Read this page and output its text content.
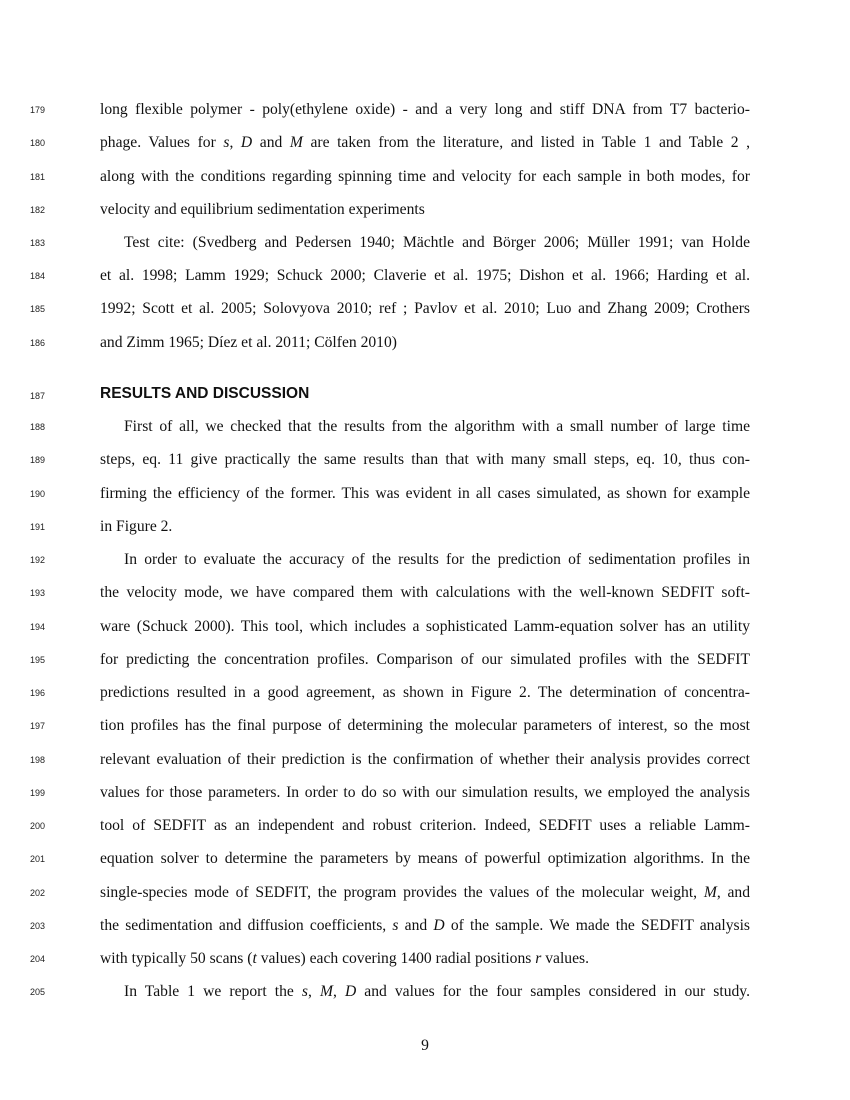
179
180
181
182
183
184
185
186
187
188
189
190
191
192
193
194
195
196
197
198
199
200
201
202
203
204
205
long flexible polymer - poly(ethylene oxide) - and a very long and stiff DNA from T7 bacterio-
phage. Values for s, D and M are taken from the literature, and listed in Table 1 and Table 2 ,
along with the conditions regarding spinning time and velocity for each sample in both modes, for
velocity and equilibrium sedimentation experiments
Test cite: (Svedberg and Pedersen 1940; Mächtle and Börger 2006; Müller 1991; van Holde
et al. 1998; Lamm 1929; Schuck 2000; Claverie et al. 1975; Dishon et al. 1966; Harding et al.
1992; Scott et al. 2005; Solovyova 2010; ref ; Pavlov et al. 2010; Luo and Zhang 2009; Crothers
and Zimm 1965; Díez et al. 2011; Cölfen 2010)
RESULTS AND DISCUSSION
First of all, we checked that the results from the algorithm with a small number of large time
steps, eq. 11 give practically the same results than that with many small steps, eq. 10, thus con-
firming the efficiency of the former. This was evident in all cases simulated, as shown for example
in Figure 2.
In order to evaluate the accuracy of the results for the prediction of sedimentation profiles in
the velocity mode, we have compared them with calculations with the well-known SEDFIT soft-
ware (Schuck 2000). This tool, which includes a sophisticated Lamm-equation solver has an utility
for predicting the concentration profiles. Comparison of our simulated profiles with the SEDFIT
predictions resulted in a good agreement, as shown in Figure 2. The determination of concentra-
tion profiles has the final purpose of determining the molecular parameters of interest, so the most
relevant evaluation of their prediction is the confirmation of whether their analysis provides correct
values for those parameters. In order to do so with our simulation results, we employed the analysis
tool of SEDFIT as an independent and robust criterion. Indeed, SEDFIT uses a reliable Lamm-
equation solver to determine the parameters by means of powerful optimization algorithms. In the
single-species mode of SEDFIT, the program provides the values of the molecular weight, M, and
the sedimentation and diffusion coefficients, s and D of the sample. We made the SEDFIT analysis
with typically 50 scans (t values) each covering 1400 radial positions r values.
In Table 1 we report the s, M, D and values for the four samples considered in our study.
9
